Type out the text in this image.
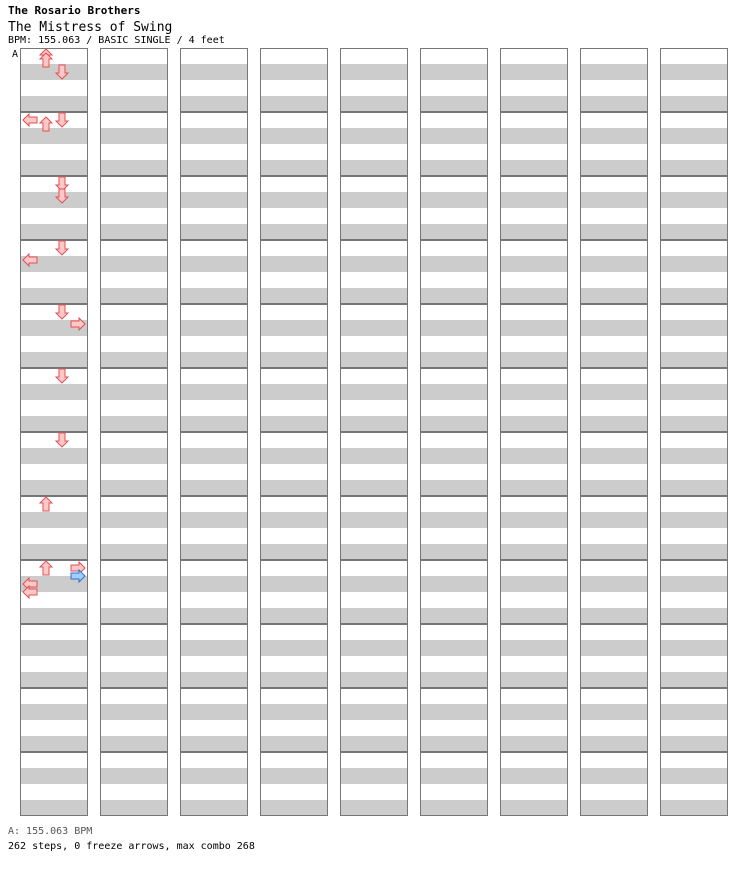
The Rosario Brothers
The Mistress of Swing
BPM: 155.063 / BASIC SINGLE / 4 feet
A
A: 155.063 BPM
262 steps, 0 freeze arrows, max combo 268
